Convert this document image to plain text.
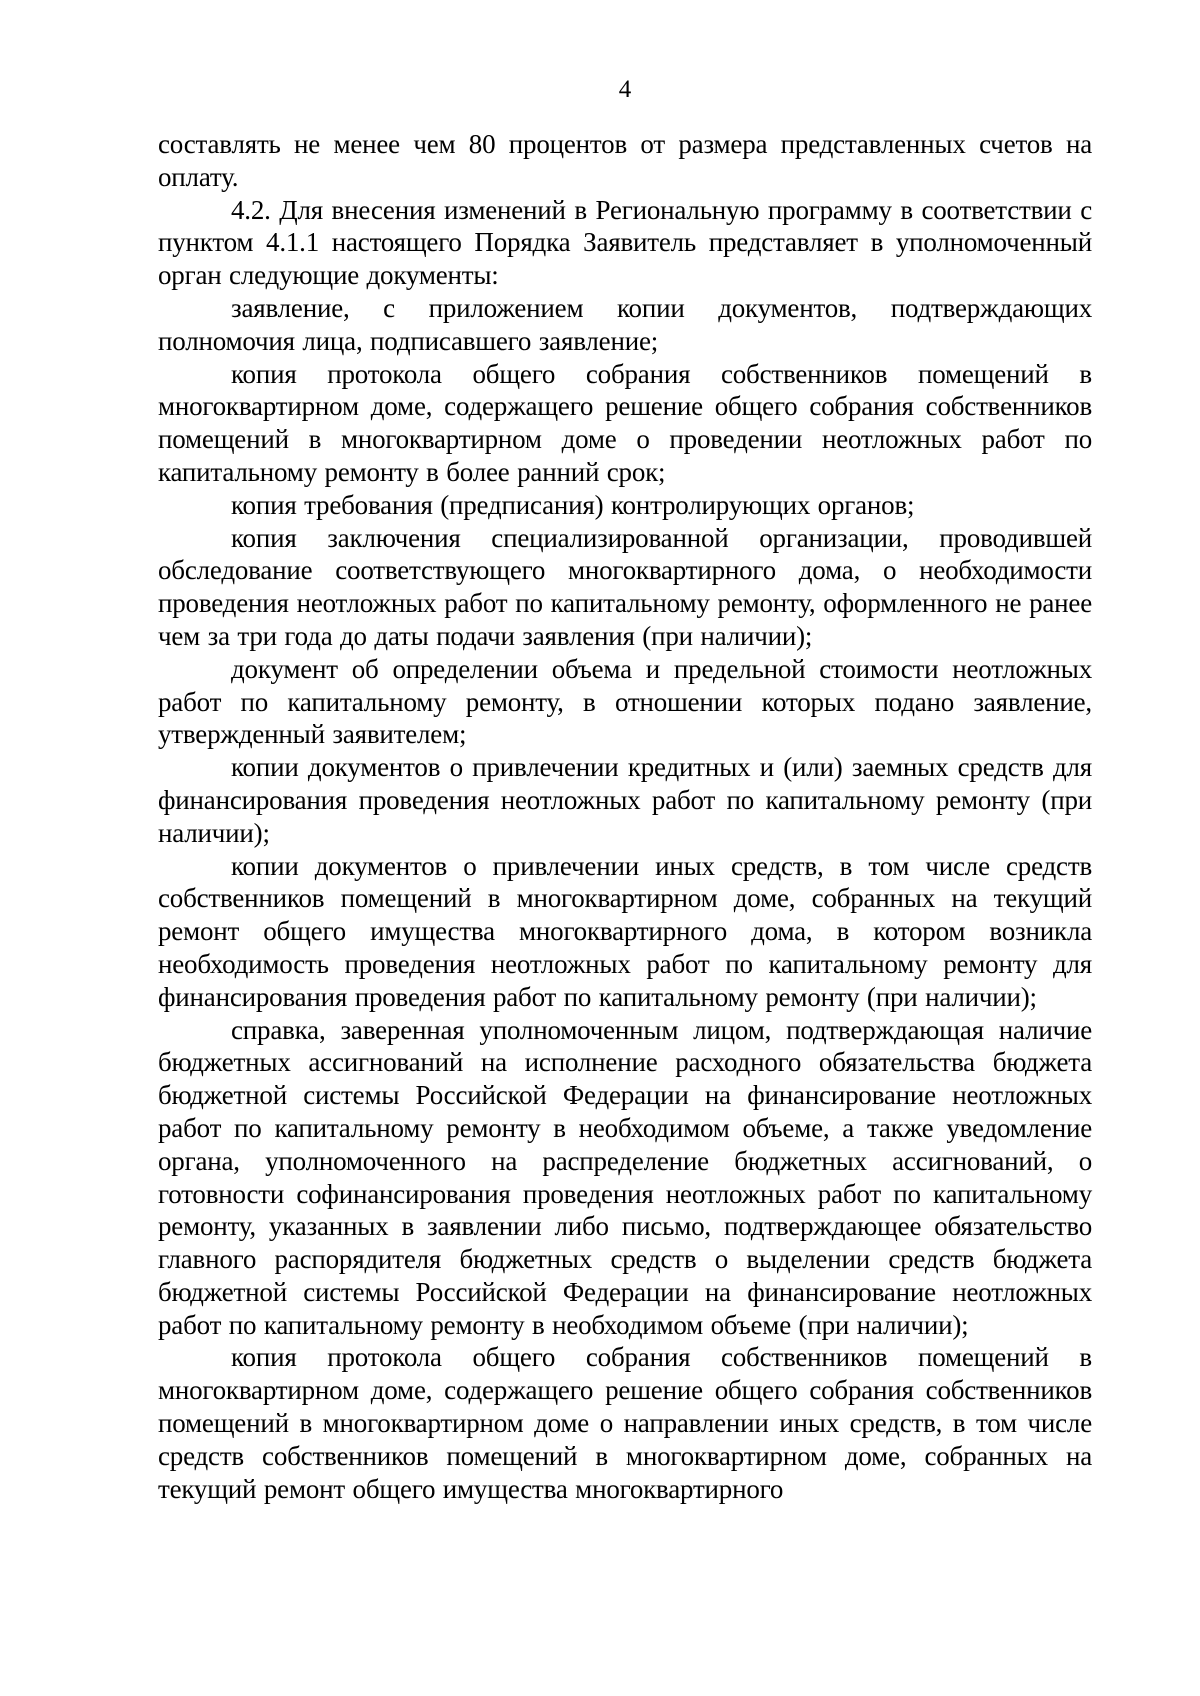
4

составлять не менее чем 80 процентов от размера представленных счетов на оплату.

4.2. Для внесения изменений в Региональную программу в соответствии с пунктом 4.1.1 настоящего Порядка Заявитель представляет в уполномоченный орган следующие документы:

заявление, с приложением копии документов, подтверждающих полномочия лица, подписавшего заявление;

копия протокола общего собрания собственников помещений в многоквартирном доме, содержащего решение общего собрания собственников помещений в многоквартирном доме о проведении неотложных работ по капитальному ремонту в более ранний срок;

копия требования (предписания) контролирующих органов;

копия заключения специализированной организации, проводившей обследование соответствующего многоквартирного дома, о необходимости проведения неотложных работ по капитальному ремонту, оформленного не ранее чем за три года до даты подачи заявления (при наличии);

документ об определении объема и предельной стоимости неотложных работ по капитальному ремонту, в отношении которых подано заявление, утвержденный заявителем;

копии документов о привлечении кредитных и (или) заемных средств для финансирования проведения неотложных работ по капитальному ремонту (при наличии);

копии документов о привлечении иных средств, в том числе средств собственников помещений в многоквартирном доме, собранных на текущий ремонт общего имущества многоквартирного дома, в котором возникла необходимость проведения неотложных работ по капитальному ремонту для финансирования проведения работ по капитальному ремонту (при наличии);

справка, заверенная уполномоченным лицом, подтверждающая наличие бюджетных ассигнований на исполнение расходного обязательства бюджета бюджетной системы Российской Федерации на финансирование неотложных работ по капитальному ремонту в необходимом объеме, а также уведомление органа, уполномоченного на распределение бюджетных ассигнований, о готовности софинансирования проведения неотложных работ по капитальному ремонту, указанных в заявлении либо письмо, подтверждающее обязательство главного распорядителя бюджетных средств о выделении средств бюджета бюджетной системы Российской Федерации на финансирование неотложных работ по капитальному ремонту в необходимом объеме (при наличии);

копия протокола общего собрания собственников помещений в многоквартирном доме, содержащего решение общего собрания собственников помещений в многоквартирном доме о направлении иных средств, в том числе средств собственников помещений в многоквартирном доме, собранных на текущий ремонт общего имущества многоквартирного
